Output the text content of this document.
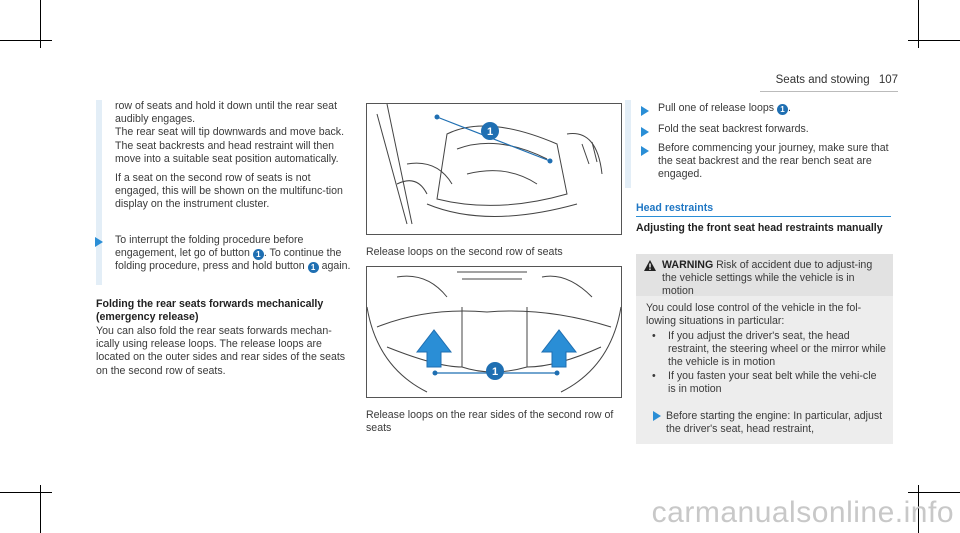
Seats and stowing 107

row of seats and hold it down until the rear seat audibly engages.

The rear seat will tip downwards and move back. The seat backrests and head restraint will then move into a suitable seat position automatically.

If a seat on the second row of seats is not engaged, this will be shown on the multifunc-tion display on the instrument cluster.

To interrupt the folding procedure before engagement, let go of button 1 . To continue the folding procedure, press and hold button 1 again.
Folding the rear seats forwards mechanically (emergency release)
You can also fold the rear seats forwards mechan-ically using release loops. The release loops are located on the outer sides and rear sides of the seats on the second row of seats.
1
Release loops on the second row of seats
1
Release loops on the rear sides of the second row of seats
Pull one of release loops 1 .
Fold the seat backrest forwards.
Before commencing your journey, make sure that the seat backrest and the rear bench seat are engaged.
Head restraints
Adjusting the front seat head restraints manually
WARNING Risk of accident due to adjust-ing the vehicle settings while the vehicle is in motion
You could lose control of the vehicle in the fol-lowing situations in particular:
• If you adjust the driver's seat, the head restraint, the steering wheel or the mirror while the vehicle is in motion

• If you fasten your seat belt while the vehi-cle is in motion

Before starting the engine: In particular, adjust the driver's seat, head restraint,
carmanualsonline.info
